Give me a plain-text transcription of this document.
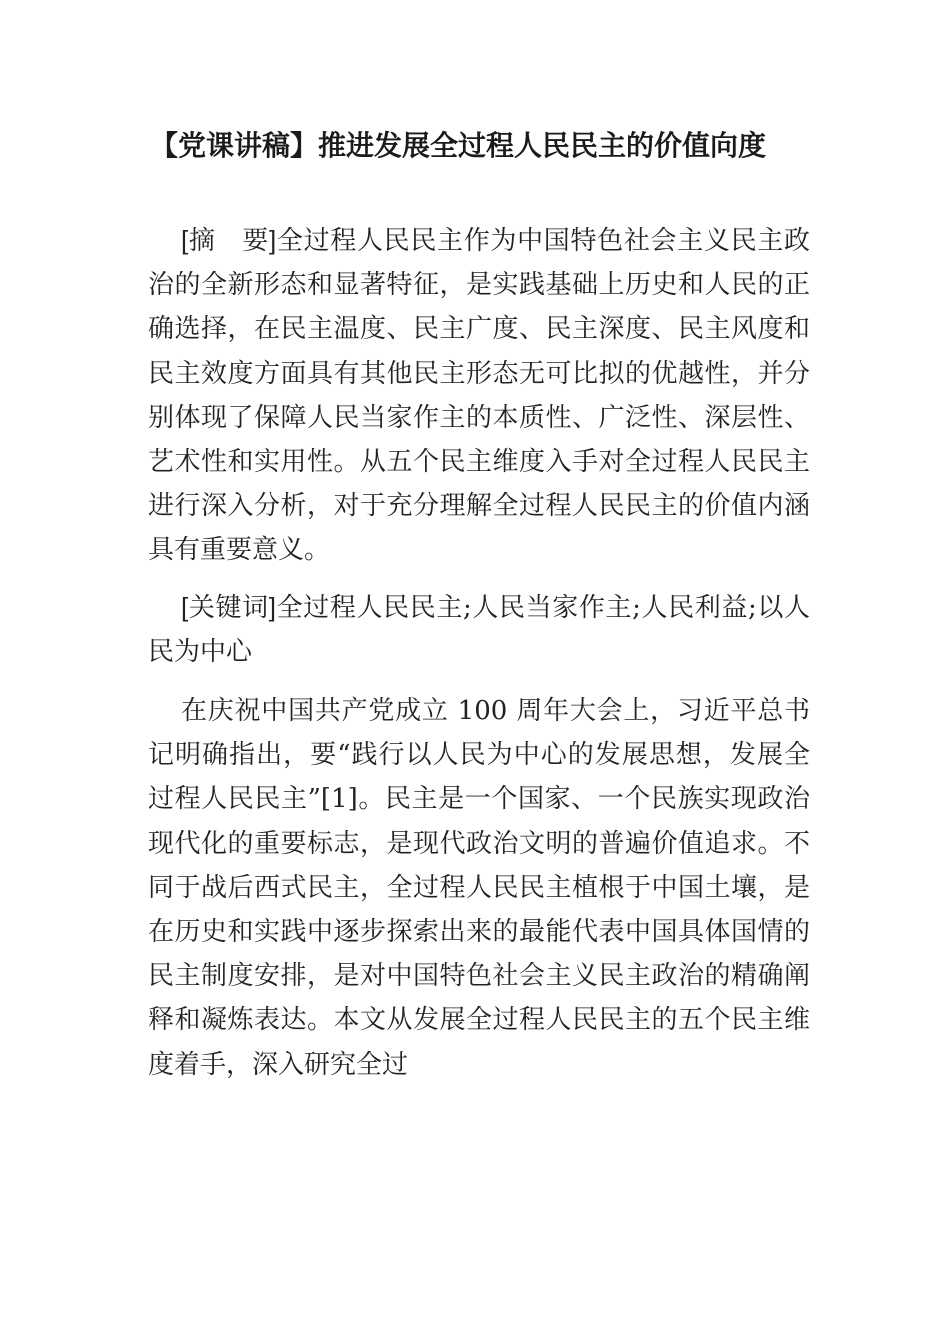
【党课讲稿】推进发展全过程人民民主的价值向度

[摘　要]全过程人民民主作为中国特色社会主义民主政治的全新形态和显著特征，是实践基础上历史和人民的正确选择，在民主温度、民主广度、民主深度、民主风度和民主效度方面具有其他民主形态无可比拟的优越性，并分别体现了保障人民当家作主的本质性、广泛性、深层性、艺术性和实用性。从五个民主维度入手对全过程人民民主进行深入分析，对于充分理解全过程人民民主的价值内涵具有重要意义。

[关键词]全过程人民民主;人民当家作主;人民利益;以人民为中心

在庆祝中国共产党成立 100 周年大会上，习近平总书记明确指出，要“践行以人民为中心的发展思想，发展全过程人民民主”[1]。民主是一个国家、一个民族实现政治现代化的重要标志，是现代政治文明的普遍价值追求。不同于战后西式民主，全过程人民民主植根于中国土壤，是在历史和实践中逐步探索出来的最能代表中国具体国情的民主制度安排，是对中国特色社会主义民主政治的精确阐释和凝炼表达。本文从发展全过程人民民主的五个民主维度着手，深入研究全过
